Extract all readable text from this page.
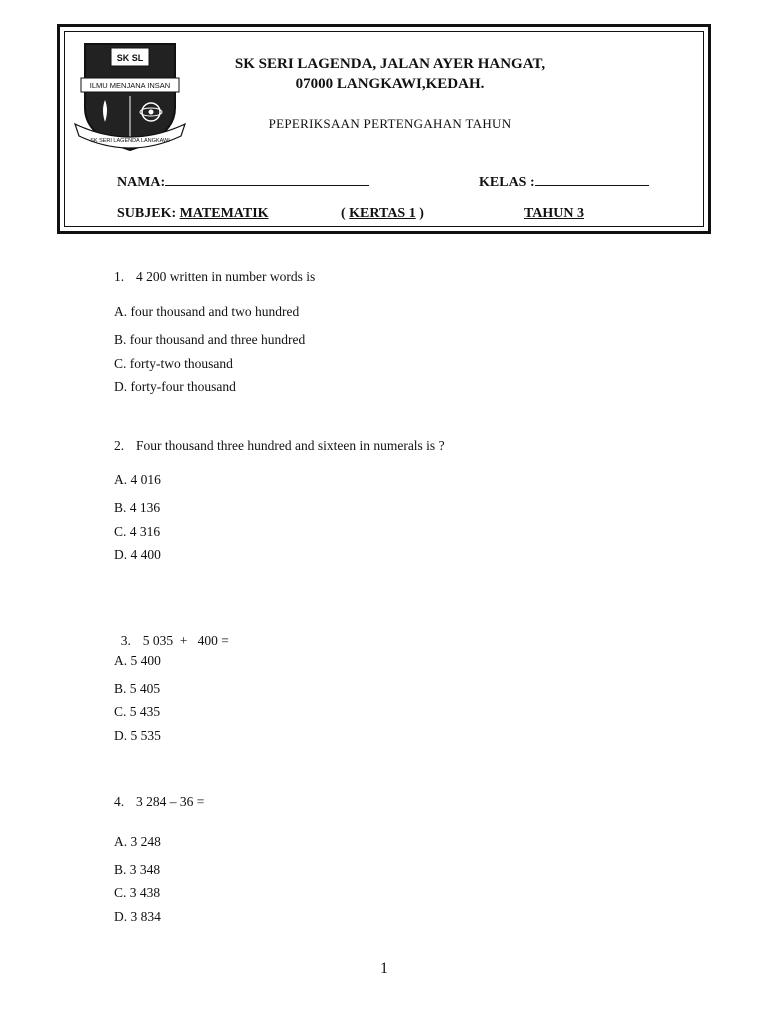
SK SL
ILMU MENJANA INSAN
SK SERI LAGENDA LANGKAWI
SK SERI LAGENDA, JALAN AYER HANGAT,
07000 LANGKAWI,KEDAH.
PEPERIKSAAN PERTENGAHAN TAHUN
NAMA:	KELAS :
SUBJEK: MATEMATIK	( KERTAS 1 )	TAHUN 3
1. 4 200 written in number words is
A. four thousand and two hundred
B. four thousand and three hundred
C. forty-two thousand
D. forty-four thousand
2. Four thousand three hundred and sixteen in numerals is ?
A. 4 016
B. 4 136
C. 4 316
D. 4 400

3. 5 035  +   400 =

A. 5 400
B. 5 405
C. 5 435
D. 5 535
4. 3 284 – 36 =
A. 3 248
B. 3 348
C. 3 438
D. 3 834
1
